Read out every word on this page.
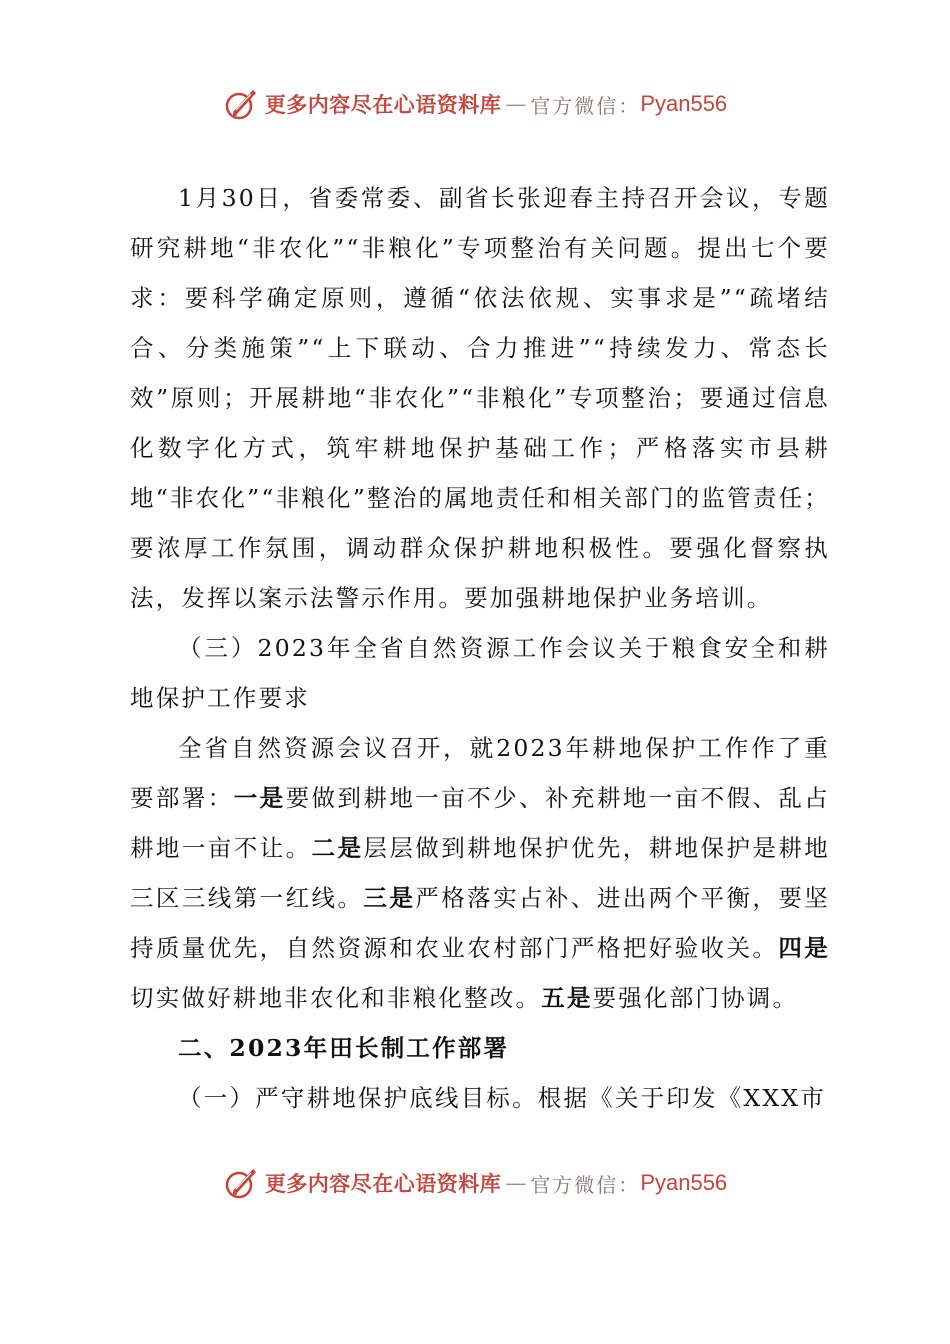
更多内容尽在心语资料库 — 官方微信： Pyan556

1月30日，省委常委、副省长张迎春主持召开会议，专题研究耕地“非农化”“非粮化”专项整治有关问题。提出七个要求：要科学确定原则，遵循“依法依规、实事求是”“疏堵结合、分类施策”“上下联动、合力推进”“持续发力、常态长效”原则；开展耕地“非农化”“非粮化”专项整治；要通过信息化数字化方式，筑牢耕地保护基础工作；严格落实市县耕地“非农化”“非粮化”整治的属地责任和相关部门的监管责任；要浓厚工作氛围，调动群众保护耕地积极性。要强化督察执法，发挥以案示法警示作用。要加强耕地保护业务培训。

（三）2023年全省自然资源工作会议关于粮食安全和耕地保护工作要求

全省自然资源会议召开，就2023年耕地保护工作作了重要部署：一是要做到耕地一亩不少、补充耕地一亩不假、乱占耕地一亩不让。二是层层做到耕地保护优先，耕地保护是耕地三区三线第一红线。三是严格落实占补、进出两个平衡，要坚持质量优先，自然资源和农业农村部门严格把好验收关。四是切实做好耕地非农化和非粮化整改。五是要强化部门协调。

二、2023年田长制工作部署

（一）严守耕地保护底线目标。根据《关于印发《XXX市

更多内容尽在心语资料库 — 官方微信： Pyan556
